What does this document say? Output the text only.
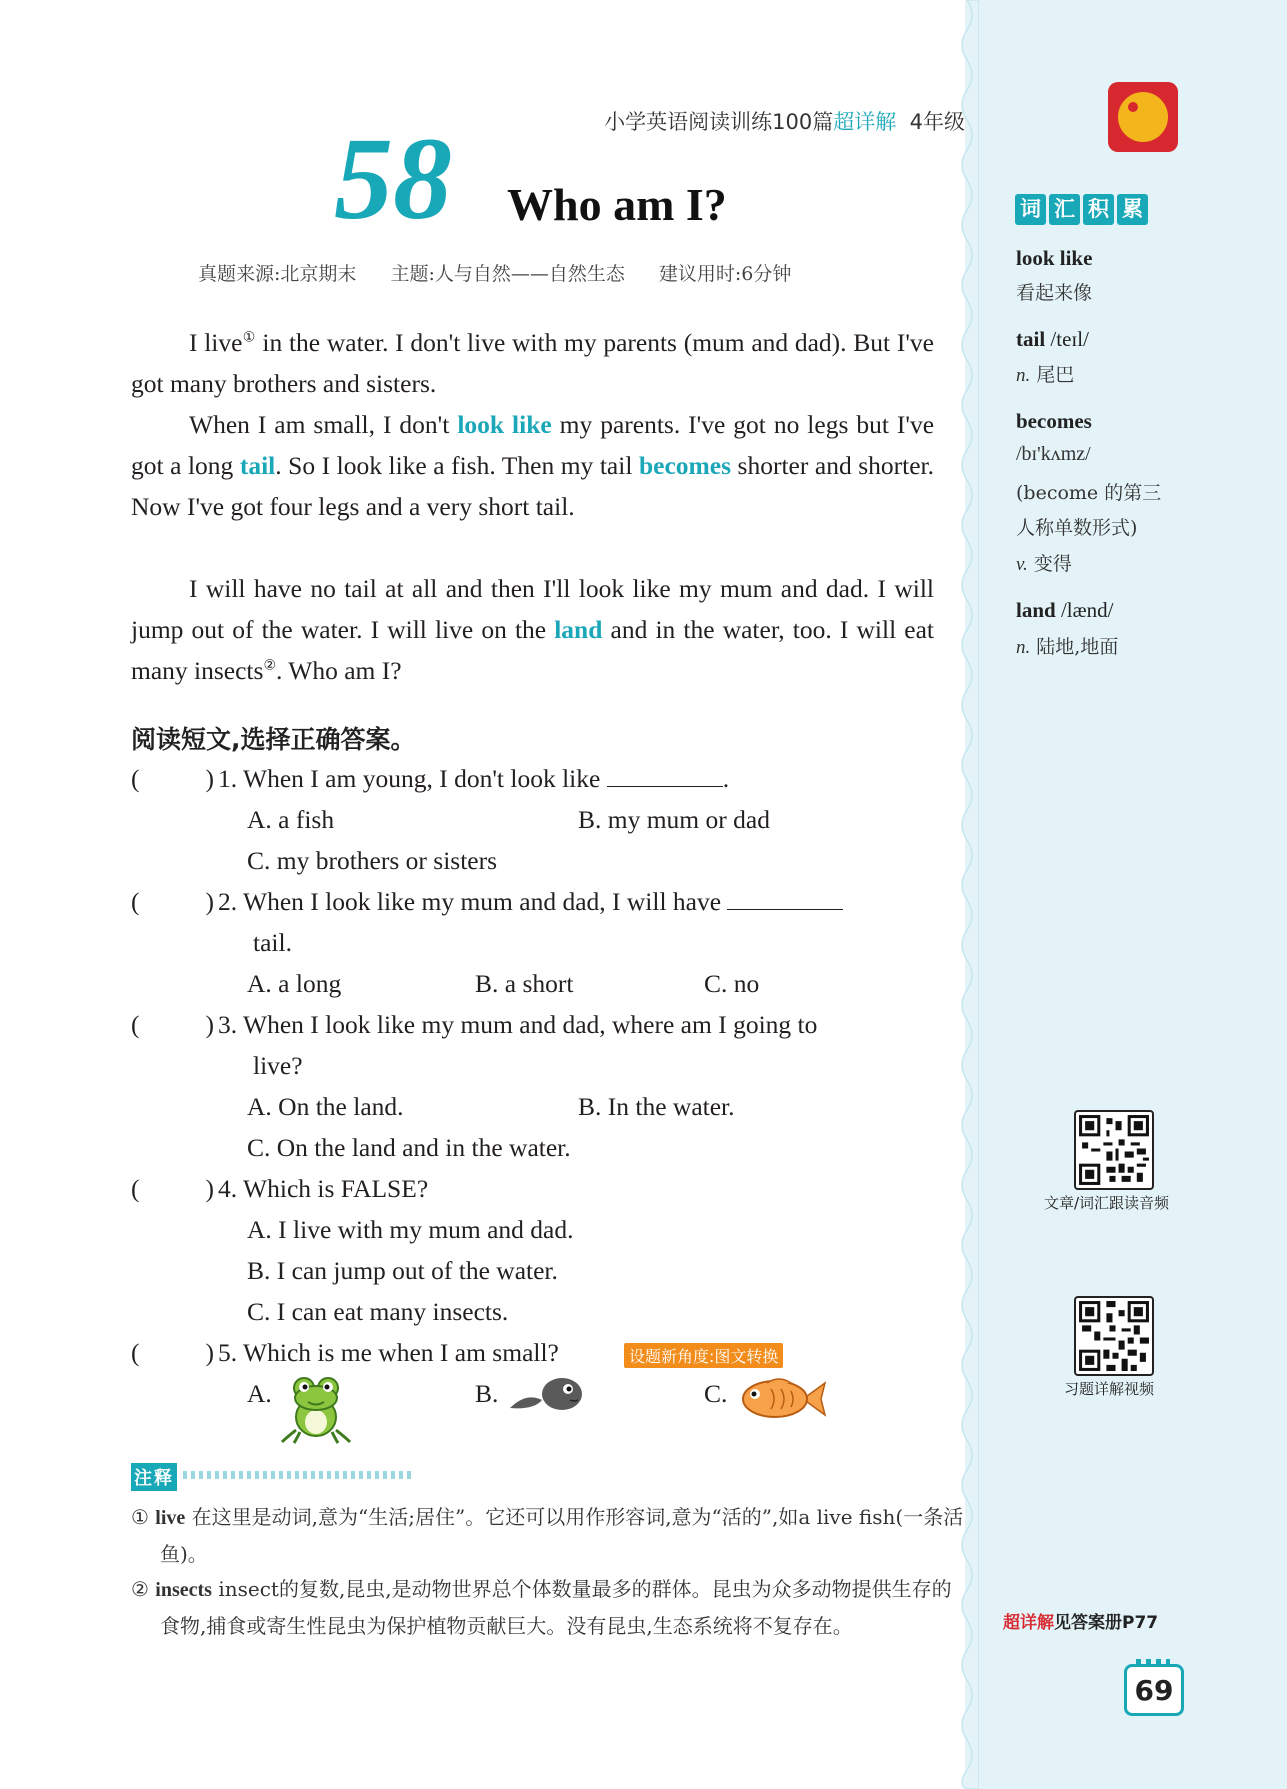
小学英语阅读训练100篇超详解 4年级
58 Who am I?
真题来源:北京期末 主题:人与自然——自然生态 建议用时:6分钟
I live① in the water. I don't live with my parents (mum and dad). But I've got many brothers and sisters.
When I am small, I don't look like my parents. I've got no legs but I've got a long tail. So I look like a fish. Then my tail becomes shorter and shorter. Now I've got four legs and a very short tail.
I will have no tail at all and then I'll look like my mum and dad. I will jump out of the water. I will live on the land and in the water, too. I will eat many insects②. Who am I?
阅读短文,选择正确答案。
(	) 1. When I am young, I don't look like	.
A. a fish	B. my mum or dad
C. my brothers or sisters
(	) 2. When I look like my mum and dad, I will have
tail.
A. a long	B. a short	C. no
(	) 3. When I look like my mum and dad, where am I going to
live?
A. On the land.	B. In the water.
C. On the land and in the water.
(	) 4. Which is FALSE?
A. I live with my mum and dad.
B. I can jump out of the water.
C. I can eat many insects.
(	) 5. Which is me when I am small?	设题新角度:图文转换
A.	B.	C.
注释
① live 在这里是动词,意为“生活;居住”。它还可以用作形容词,意为“活的”,如a live fish(一条活鱼)。
② insects insect的复数,昆虫,是动物世界总个体数量最多的群体。昆虫为众多动物提供生存的食物,捕食或寄生性昆虫为保护植物贡献巨大。没有昆虫,生态系统将不复存在。
词 汇 积 累
look like
看起来像
tail /teɪl/
n. 尾巴
becomes
/bɪ'kʌmz/
(become 的第三
人称单数形式)
v. 变得
land /lænd/
n. 陆地,地面
文章/词汇跟读音频
习题详解视频
超详解见答案册P77
69
